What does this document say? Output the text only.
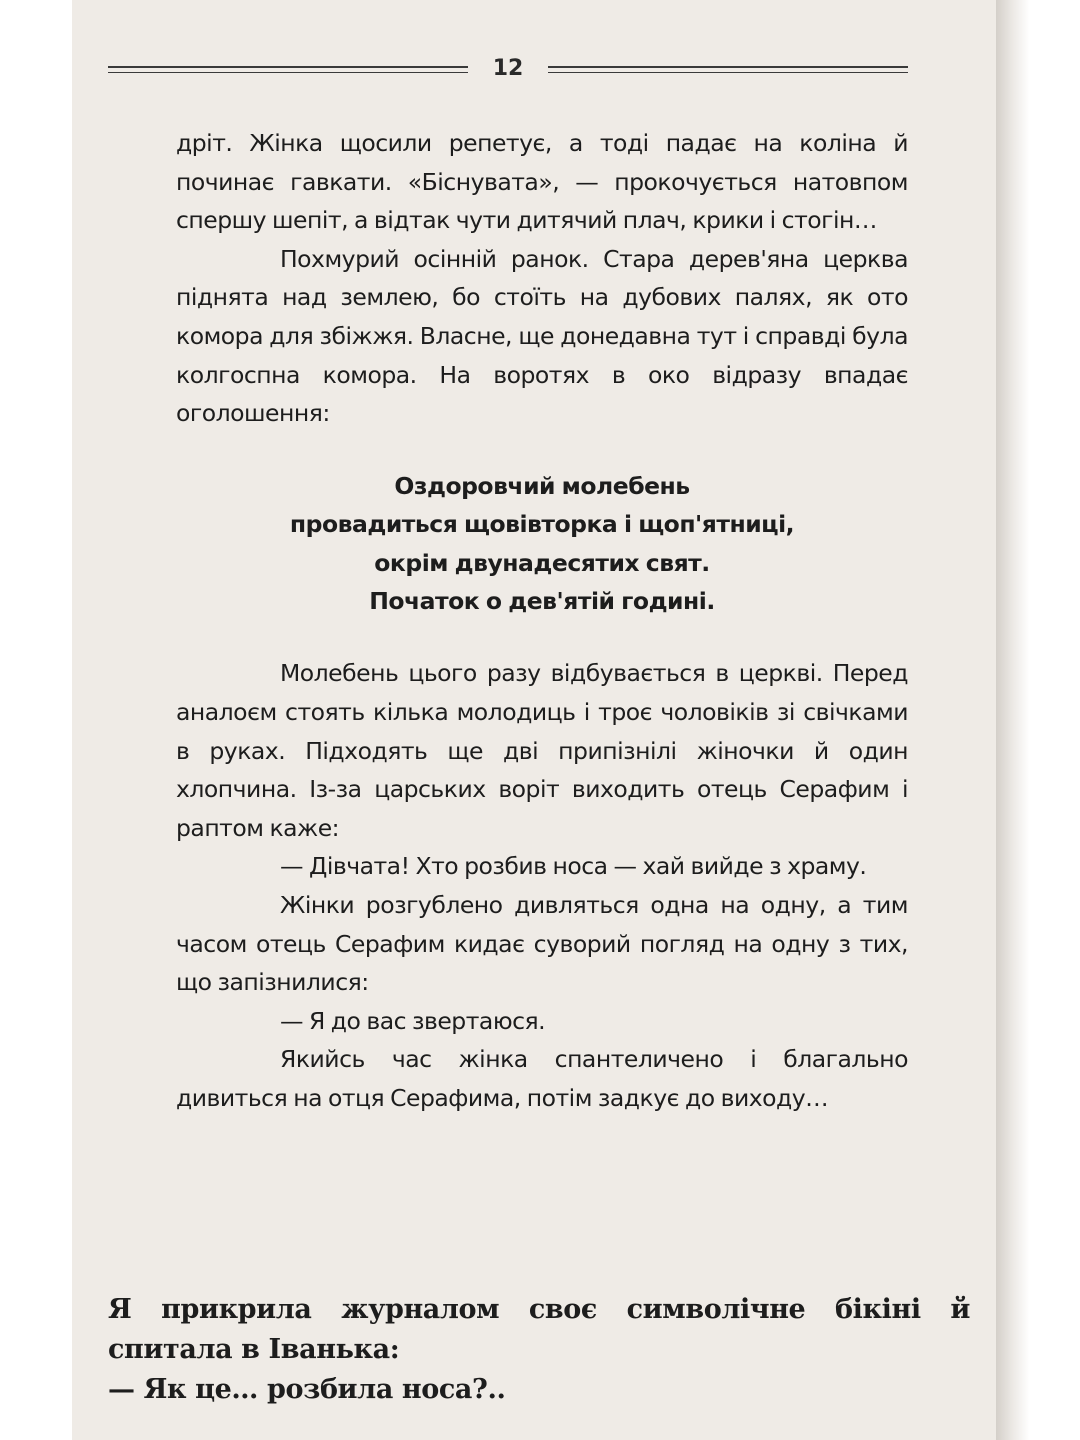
12

дріт. Жінка щосили репетує, а тоді падає на коліна й починає гавкати. «Біснувата», — прокочується натовпом спершу шепіт, а відтак чути дитячий плач, крики і стогін…

Похмурий осінній ранок. Стара дерев'яна церква піднята над землею, бо стоїть на дубових палях, як ото комора для збіжжя. Власне, ще донедавна тут і справді була колгоспна комора. На воротях в око відразу впадає оголошення:

Оздоровчий молебень
провадиться щовівторка і щоп'ятниці,
окрім двунадесятих свят.
Початок о дев'ятій годині.

Молебень цього разу відбувається в церкві. Перед аналоєм стоять кілька молодиць і троє чоловіків зі свічками в руках. Підходять ще дві припізнілі жіночки й один хлопчина. Із-за царських воріт виходить отець Серафим і раптом каже:

— Дівчата! Хто розбив носа — хай вийде з храму.

Жінки розгублено дивляться одна на одну, а тим часом отець Серафим кидає суворий погляд на одну з тих, що запізнилися:

— Я до вас звертаюся.

Якийсь час жінка спантеличено і благально дивиться на отця Серафима, потім задкує до виходу…

Я прикрила журналом своє символічне бікіні й спитала в Іванька:

— Як це… розбила носа?..
